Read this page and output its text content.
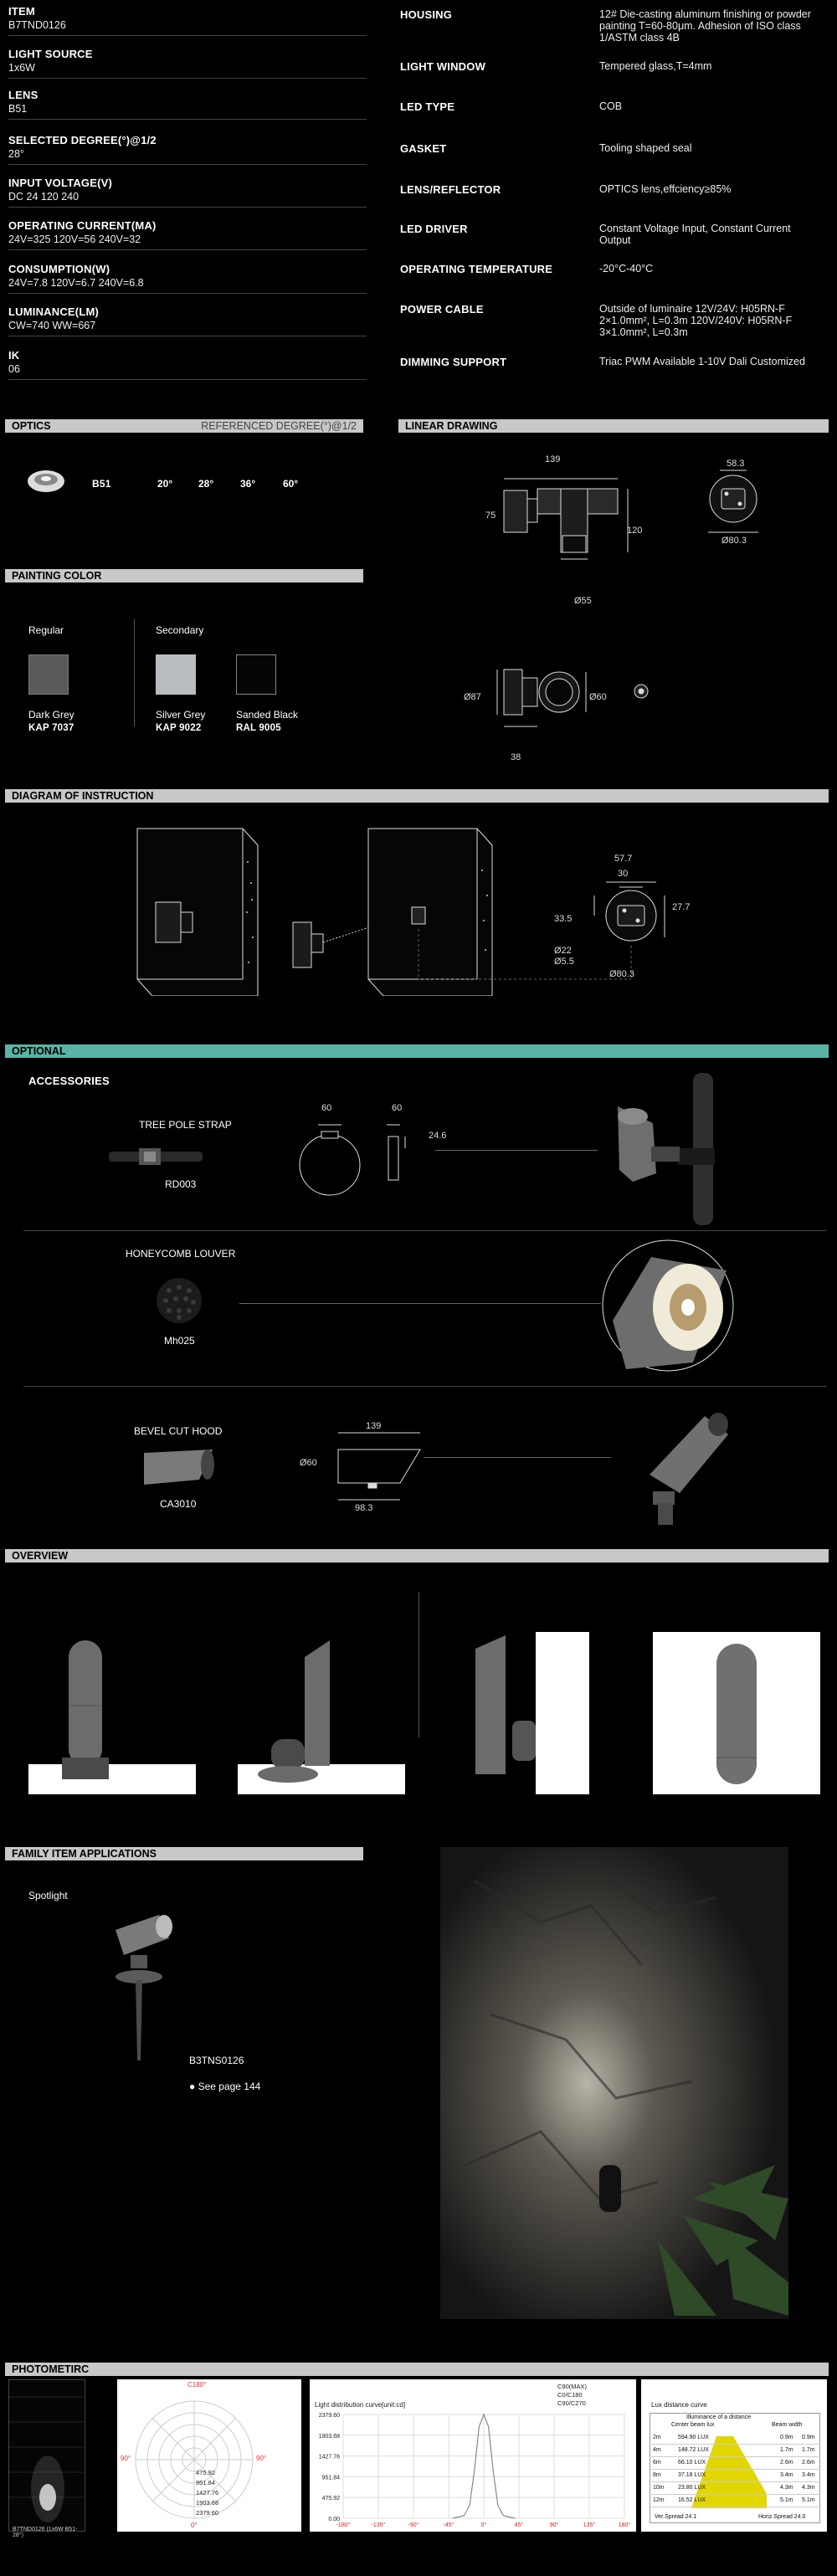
ITEM
B7TND0126
LIGHT SOURCE
1x6W
LENS
B51
SELECTED DEGREE(°)@1/2
28°
INPUT VOLTAGE(V)
DC 24 120 240
OPERATING CURRENT(MA)
24V=325 120V=56 240V=32
CONSUMPTION(W)
24V=7.8 120V=6.7 240V=6.8
LUMINANCE(LM)
CW=740 WW=667
IK
06
HOUSING	12# Die-casting aluminum finishing or powder painting T=60-80μm. Adhesion of ISO class 1/ASTM class 4B
LIGHT WINDOW	Tempered glass,T=4mm
LED TYPE	COB
GASKET	Tooling shaped seal
LENS/REFLECTOR	OPTICS lens,effciency≥85%
LED DRIVER	Constant Voltage Input, Constant Current Output
OPERATING TEMPERATURE	-20°C-40°C
POWER CABLE	Outside of luminaire 12V/24V: H05RN-F 2×1.0mm², L=0.3m 120V/240V: H05RN-F 3×1.0mm², L=0.3m
DIMMING SUPPORT	Triac PWM Available 1-10V Dali Customized
OPTICS	REFERENCED DEGREE(°)@1/2
B51	20°	28°	36°	60°
LINEAR DRAWING
139
75
120
Ø55
58.3
Ø80.3
Ø87	Ø60
38
PAINTING COLOR
Regular	Secondary
Dark Grey
KAP 7037
Silver Grey
KAP 9022
Sanded Black
RAL 9005
DIAGRAM OF INSTRUCTION
57.7
30
33.5
27.7
Ø22
Ø5.5
Ø80.3
OPTIONAL
ACCESSORIES
TREE POLE STRAP
RD003
60	60
24.6
HONEYCOMB LOUVER
Mh025
BEVEL CUT HOOD
CA3010
139
Ø60
98.3
OVERVIEW
FAMILY ITEM APPLICATIONS
Spotlight
B3TNS0126
● See page 144
PHOTOMETIRC
B7TND0126 (1x6W B51-28°)
C180°
90°	90°
0°
475.92
951.84
1427.76
1903.68
2379.60
-180°	-135°	-90°	-45°	0°	45°	90°	135°	180°
2379.60
1903.68
1427.76
951.84
475.92
0.00
Light distribution curve[unit:cd]
C90(MAX)
C0/C180
C90/C270	Lux distance curve
Illuminance of a distance
Center beam lux	Beam width
2m	594.90 LUX	0.9m 0.9m
4m	148.72 LUX	1.7m 1.7m
6m	66.10 LUX	2.6m 2.6m
8m	37.18 LUX	3.4m 3.4m
10m 23.80 LUX	4.3m 4.3m
12m 16.52 LUX	5.1m 5.1m
Ver.Spread 24.1	Horiz.Spread 24.0
